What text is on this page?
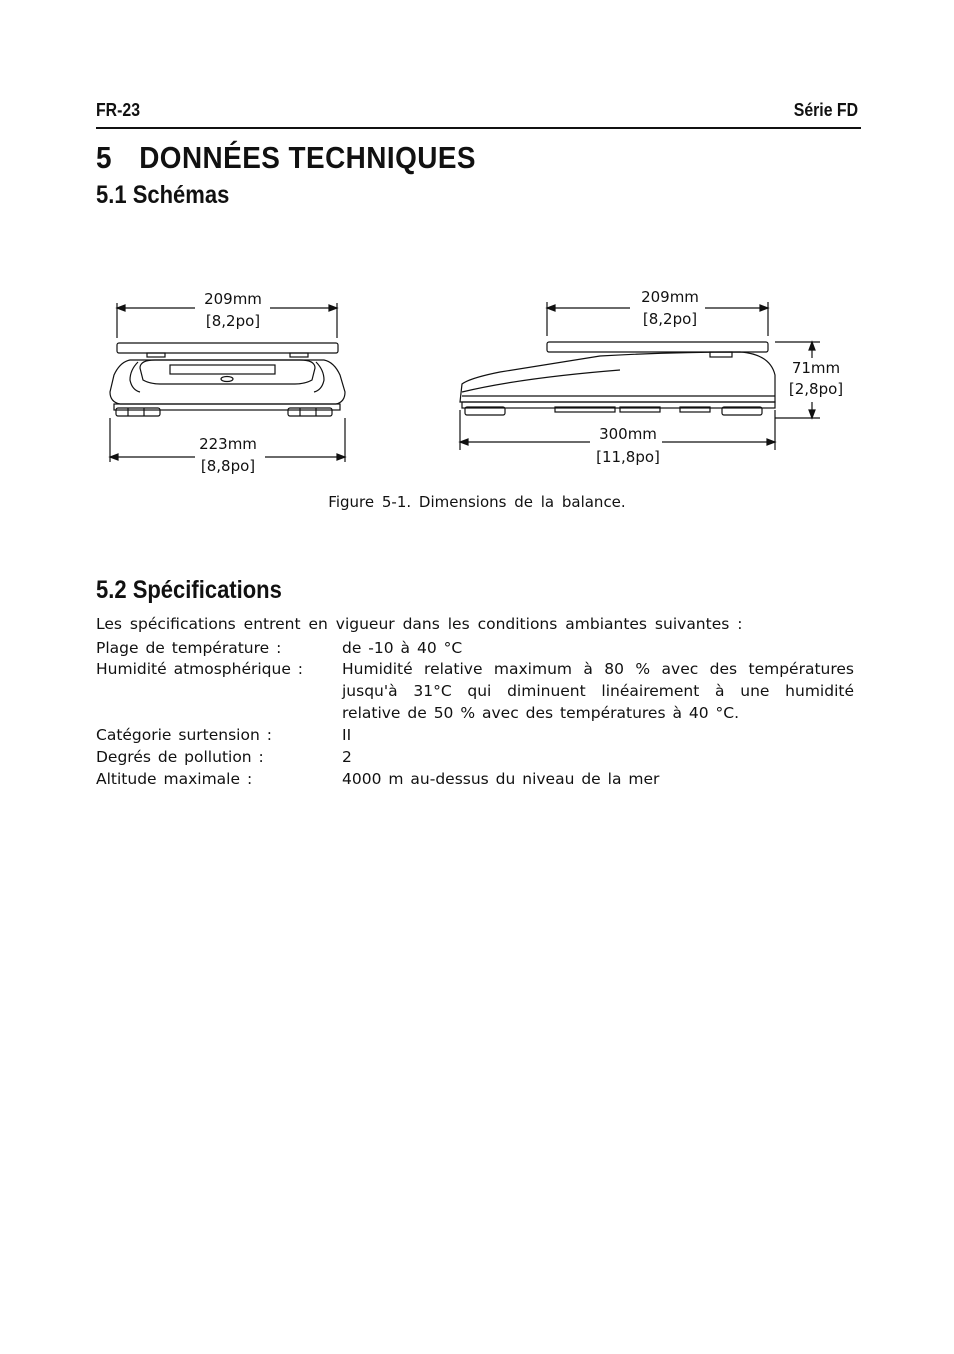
FR-23	Série FD
5 DONNÉES TECHNIQUES
5.1 Schémas
209mm
[8,2po]
223mm
[8,8po]
209mm
[8,2po]
71mm
[2,8po]
300mm
[11,8po]
Figure 5-1. Dimensions de la balance.
5.2 Spécifications
Les spécifications entrent en vigueur dans les conditions ambiantes suivantes :
Plage de température :	de -10 à 40 °C
Humidité atmosphérique :	Humidité relative maximum à 80 % avec des températures jusqu'à 31°C qui diminuent linéairement à une humidité relative de 50 % avec des températures à 40 °C.
Catégorie surtension :	II
Degrés de pollution :	2
Altitude maximale :	4000 m au-dessus du niveau de la mer
